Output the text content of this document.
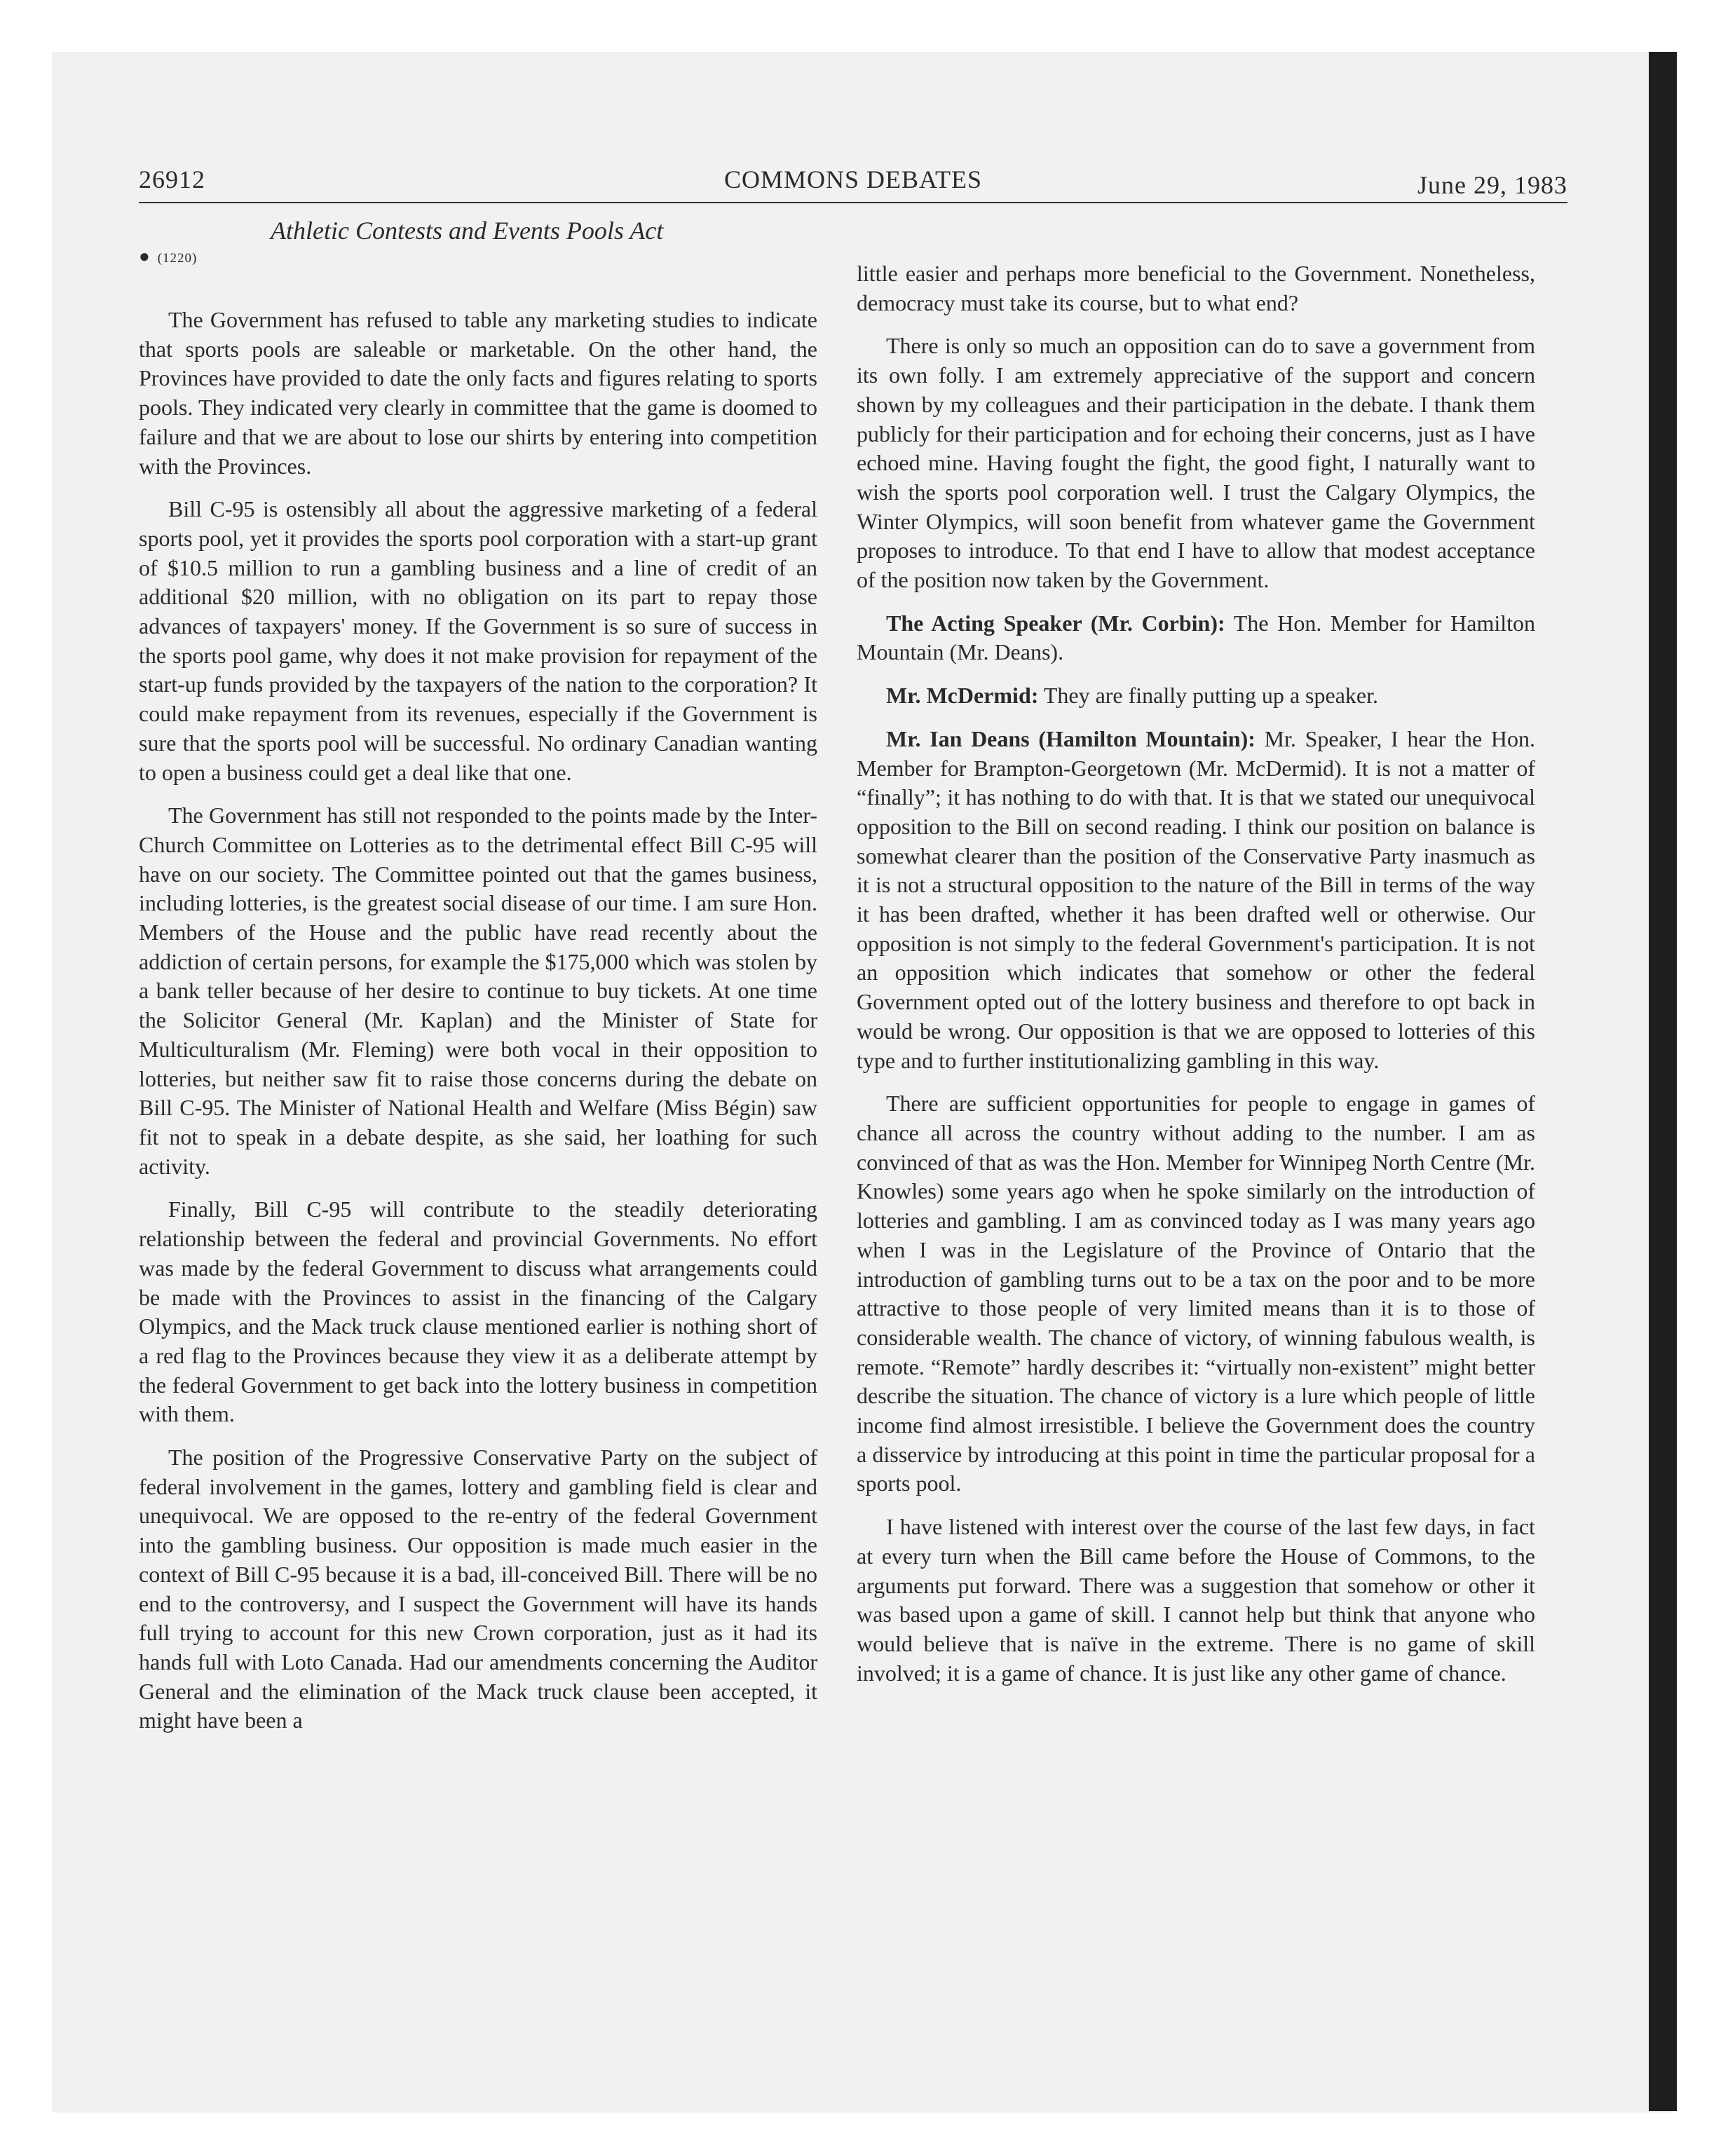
26912	COMMONS DEBATES	June 29, 1983
Athletic Contests and Events Pools Act
● (1220)

The Government has refused to table any marketing studies to indicate that sports pools are saleable or marketable. On the other hand, the Provinces have provided to date the only facts and figures relating to sports pools. They indicated very clearly in committee that the game is doomed to failure and that we are about to lose our shirts by entering into competition with the Provinces.

Bill C-95 is ostensibly all about the aggressive marketing of a federal sports pool, yet it provides the sports pool corporation with a start-up grant of $10.5 million to run a gambling business and a line of credit of an additional $20 million, with no obligation on its part to repay those advances of taxpayers' money. If the Government is so sure of success in the sports pool game, why does it not make provision for repayment of the start-up funds provided by the taxpayers of the nation to the corporation? It could make repayment from its revenues, especially if the Government is sure that the sports pool will be successful. No ordinary Canadian wanting to open a business could get a deal like that one.

The Government has still not responded to the points made by the Inter-Church Committee on Lotteries as to the detrimental effect Bill C-95 will have on our society. The Committee pointed out that the games business, including lotteries, is the greatest social disease of our time. I am sure Hon. Members of the House and the public have read recently about the addiction of certain persons, for example the $175,000 which was stolen by a bank teller because of her desire to continue to buy tickets. At one time the Solicitor General (Mr. Kaplan) and the Minister of State for Multiculturalism (Mr. Fleming) were both vocal in their opposition to lotteries, but neither saw fit to raise those concerns during the debate on Bill C-95. The Minister of National Health and Welfare (Miss Bégin) saw fit not to speak in a debate despite, as she said, her loathing for such activity.

Finally, Bill C-95 will contribute to the steadily deteriorating relationship between the federal and provincial Governments. No effort was made by the federal Government to discuss what arrangements could be made with the Provinces to assist in the financing of the Calgary Olympics, and the Mack truck clause mentioned earlier is nothing short of a red flag to the Provinces because they view it as a deliberate attempt by the federal Government to get back into the lottery business in competition with them.

The position of the Progressive Conservative Party on the subject of federal involvement in the games, lottery and gambling field is clear and unequivocal. We are opposed to the re-entry of the federal Government into the gambling business. Our opposition is made much easier in the context of Bill C-95 because it is a bad, ill-conceived Bill. There will be no end to the controversy, and I suspect the Government will have its hands full trying to account for this new Crown corporation, just as it had its hands full with Loto Canada. Had our amendments concerning the Auditor General and the elimination of the Mack truck clause been accepted, it might have been a

little easier and perhaps more beneficial to the Government. Nonetheless, democracy must take its course, but to what end?

There is only so much an opposition can do to save a government from its own folly. I am extremely appreciative of the support and concern shown by my colleagues and their participation in the debate. I thank them publicly for their participation and for echoing their concerns, just as I have echoed mine. Having fought the fight, the good fight, I naturally want to wish the sports pool corporation well. I trust the Calgary Olympics, the Winter Olympics, will soon benefit from whatever game the Government proposes to introduce. To that end I have to allow that modest acceptance of the position now taken by the Government.

The Acting Speaker (Mr. Corbin): The Hon. Member for Hamilton Mountain (Mr. Deans).

Mr. McDermid: They are finally putting up a speaker.

Mr. Ian Deans (Hamilton Mountain): Mr. Speaker, I hear the Hon. Member for Brampton-Georgetown (Mr. McDermid). It is not a matter of “finally”; it has nothing to do with that. It is that we stated our unequivocal opposition to the Bill on second reading. I think our position on balance is somewhat clearer than the position of the Conservative Party inasmuch as it is not a structural opposition to the nature of the Bill in terms of the way it has been drafted, whether it has been drafted well or otherwise. Our opposition is not simply to the federal Government's participation. It is not an opposition which indicates that somehow or other the federal Government opted out of the lottery business and therefore to opt back in would be wrong. Our opposition is that we are opposed to lotteries of this type and to further institutionalizing gambling in this way.

There are sufficient opportunities for people to engage in games of chance all across the country without adding to the number. I am as convinced of that as was the Hon. Member for Winnipeg North Centre (Mr. Knowles) some years ago when he spoke similarly on the introduction of lotteries and gambling. I am as convinced today as I was many years ago when I was in the Legislature of the Province of Ontario that the introduction of gambling turns out to be a tax on the poor and to be more attractive to those people of very limited means than it is to those of considerable wealth. The chance of victory, of winning fabulous wealth, is remote. “Remote” hardly describes it: “virtually non-existent” might better describe the situation. The chance of victory is a lure which people of little income find almost irresistible. I believe the Government does the country a disservice by introducing at this point in time the particular proposal for a sports pool.

I have listened with interest over the course of the last few days, in fact at every turn when the Bill came before the House of Commons, to the arguments put forward. There was a suggestion that somehow or other it was based upon a game of skill. I cannot help but think that anyone who would believe that is naïve in the extreme. There is no game of skill involved; it is a game of chance. It is just like any other game of chance.
